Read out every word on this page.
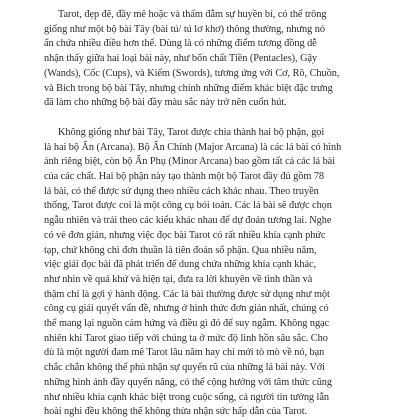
Tarot, đẹp đẽ, đầy mê hoặc và thấm đẫm sự huyền bí, có thể trông
giống như một bộ bài Tây (bài tú/ tú lơ khơ) thông thường, nhưng nó
ẩn chứa nhiều điều hơn thế. Dùng là có những điểm tương đồng dễ
nhận thấy giữa hai loại bài này, như bốn chất Tiền (Pentacles), Gậy
(Wands), Cốc (Cups), và Kiếm (Swords), tương ứng với Cơ, Rô, Chuồn,
và Bích trong bộ bài Tây, nhưng chính những điểm khác biệt đặc trưng
đã làm cho những bộ bài đầy màu sắc này trở nên cuốn hút.

Không giống như bài Tây, Tarot được chia thành hai bộ phận, gọi
là hai bộ Ẩn (Arcana). Bộ Ẩn Chính (Major Arcana) là các lá bài có hình
ảnh riêng biệt, còn bộ Ẩn Phụ (Minor Arcana) bao gồm tất cả các lá bài
của các chất. Hai bộ phận này tạo thành một bộ Tarot đầy đủ gồm 78
lá bài, có thể được sử dụng theo nhiều cách khác nhau. Theo truyền
thống, Tarot được coi là một công cụ bói toán. Các lá bài sẽ được chọn
ngẫu nhiên và trải theo các kiểu khác nhau để dự đoán tương lai. Nghe
có vẻ đơn giản, nhưng việc đọc bài Tarot có rất nhiều khía cạnh phức
tạp, chứ không chỉ đơn thuần là tiên đoán số phận. Qua nhiều năm,
việc giải đọc bài đã phát triển để dung chứa những khía cạnh khác,
như nhìn về quá khứ và hiện tại, đưa ra lời khuyên về tình thần và
thậm chí là gợi ý hành động. Các lá bài thường được sử dụng như một
công cụ giải quyết vấn đề, nhưng ở hình thức đơn giản nhất, chúng có
thể mang lại nguồn cảm hứng và điều gì đó để suy ngẫm. Không ngạc
nhiên khi Tarot giao tiếp với chúng ta ở mức độ linh hồn sâu sắc. Cho
dù là một người đam mê Tarot lâu năm hay chỉ mới tò mò về nó, bạn
chắc chắn không thể phủ nhận sự quyến rũ của những lá bài này. Với
những hình ảnh đầy quyến năng, có thể cộng hưởng với tâm thức cũng
như nhiều khía cạnh khác biệt trong cuộc sống, cả người tin tưởng lẫn
hoài nghi đều không thể không thừa nhận sức hấp dẫn của Tarot.
